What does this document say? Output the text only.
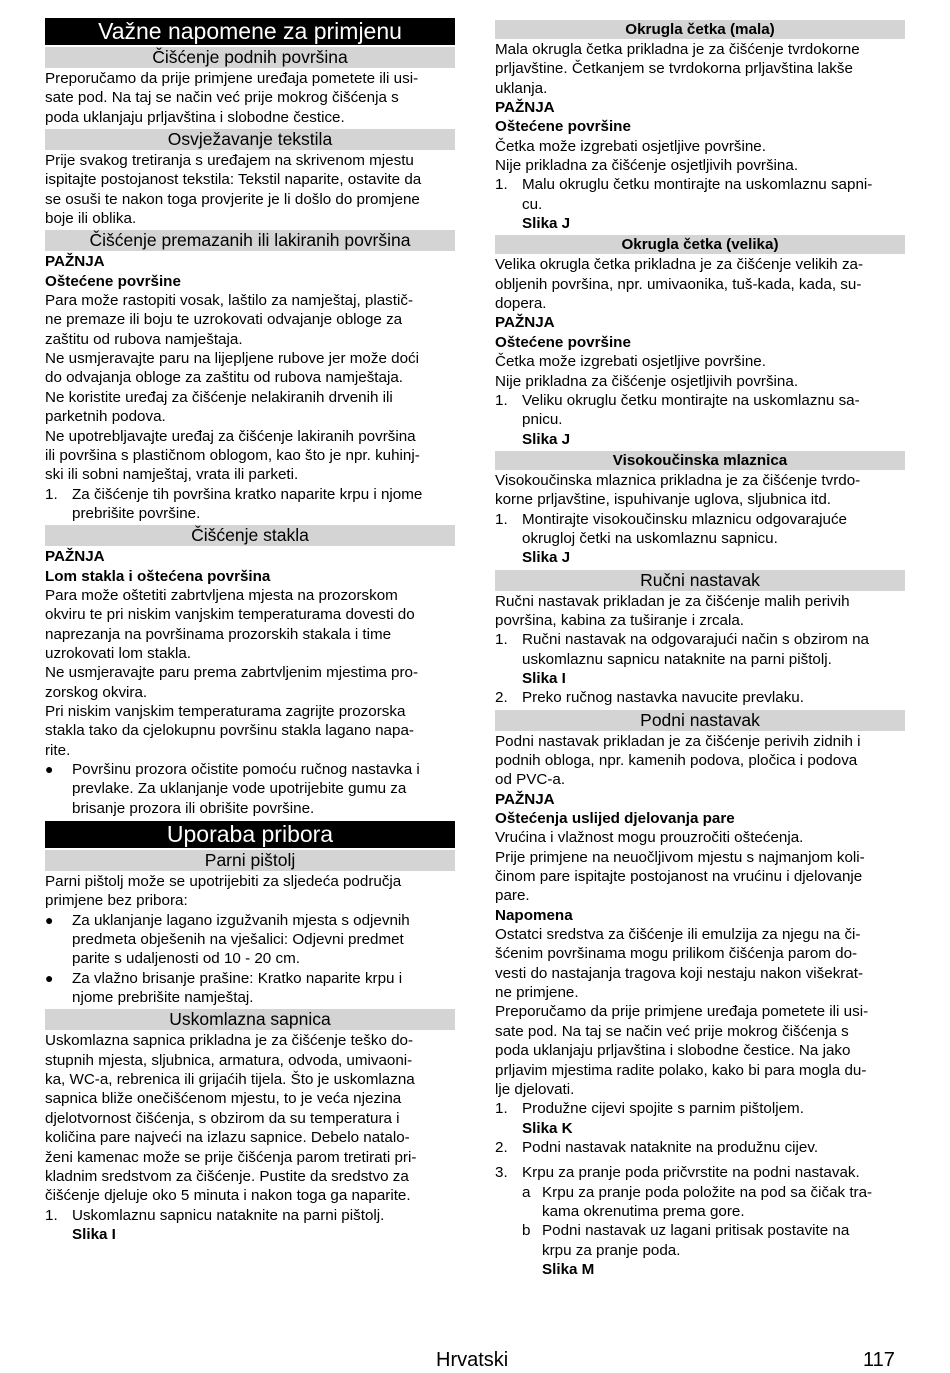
Važne napomene za primjenu
Čišćenje podnih površina

Preporučamo da prije primjene uređaja pometete ili usi-

sate pod. Na taj se način već prije mokrog čišćenja s

poda uklanjaju prljavština i slobodne čestice.

Osvježavanje tekstila

Prije svakog tretiranja s uređajem na skrivenom mjestu

ispitajte postojanost tekstila: Tekstil naparite, ostavite da

se osuši te nakon toga provjerite je li došlo do promjene

boje ili oblika.

Čišćenje premazanih ili lakiranih površina

PAŽNJA

Oštećene površine

Para može rastopiti vosak, laštilo za namještaj, plastič-

ne premaze ili boju te uzrokovati odvajanje obloge za

zaštitu od rubova namještaja.

Ne usmjeravajte paru na lijepljene rubove jer može doći

do odvajanja obloge za zaštitu od rubova namještaja.

Ne koristite uređaj za čišćenje nelakiranih drvenih ili

parketnih podova.

Ne upotrebljavajte uređaj za čišćenje lakiranih površina

ili površina s plastičnom oblogom, kao što je npr. kuhinj-

ski ili sobni namještaj, vrata ili parketi.

1. Za čišćenje tih površina kratko naparite krpu i njome
prebrišite površine.
Čišćenje stakla

PAŽNJA

Lom stakla i oštećena površina

Para može oštetiti zabrtvljena mjesta na prozorskom

okviru te pri niskim vanjskim temperaturama dovesti do

naprezanja na površinama prozorskih stakala i time

uzrokovati lom stakla.

Ne usmjeravajte paru prema zabrtvljenim mjestima pro-

zorskog okvira.

Pri niskim vanjskim temperaturama zagrijte prozorska

stakla tako da cjelokupnu površinu stakla lagano napa-

rite.

● Površinu prozora očistite pomoću ručnog nastavka i
prevlake. Za uklanjanje vode upotrijebite gumu za
brisanje prozora ili obrišite površine.
Uporaba pribora
Parni pištolj

Parni pištolj može se upotrijebiti za sljedeća područja

primjene bez pribora:

● Za uklanjanje lagano izgužvanih mjesta s odjevnih
predmeta obješenih na vješalici: Odjevni predmet
parite s udaljenosti od 10 - 20 cm.
● Za vlažno brisanje prašine: Kratko naparite krpu i
njome prebrišite namještaj.
Uskomlazna sapnica

Uskomlazna sapnica prikladna je za čišćenje teško do-

stupnih mjesta, sljubnica, armatura, odvoda, umivaoni-

ka, WC-a, rebrenica ili grijaćih tijela. Što je uskomlazna

sapnica bliže onečišćenom mjestu, to je veća njezina

djelotvornost čišćenja, s obzirom da su temperatura i

količina pare najveći na izlazu sapnice. Debelo natalo-

ženi kamenac može se prije čišćenja parom tretirati pri-

kladnim sredstvom za čišćenje. Pustite da sredstvo za

čišćenje djeluje oko 5 minuta i nakon toga ga naparite.

1. Uskomlaznu sapnicu nataknite na parni pištolj.
Slika I
Okrugla četka (mala)

Mala okrugla četka prikladna je za čišćenje tvrdokorne

prljavštine. Četkanjem se tvrdokorna prljavština lakše

uklanja.

PAŽNJA

Oštećene površine

Četka može izgrebati osjetljive površine.

Nije prikladna za čišćenje osjetljivih površina.

1. Malu okruglu četku montirajte na uskomlaznu sapni-
cu.
Slika J
Okrugla četka (velika)

Velika okrugla četka prikladna je za čišćenje velikih za-

obljenih površina, npr. umivaonika, tuš-kada, kada, su-

dopera.

PAŽNJA

Oštećene površine

Četka može izgrebati osjetljive površine.

Nije prikladna za čišćenje osjetljivih površina.

1. Veliku okruglu četku montirajte na uskomlaznu sa-
pnicu.
Slika J
Visokoučinska mlaznica

Visokoučinska mlaznica prikladna je za čišćenje tvrdo-

korne prljavštine, ispuhivanje uglova, sljubnica itd.

1. Montirajte visokoučinsku mlaznicu odgovarajuće
okrugloj četki na uskomlaznu sapnicu.
Slika J
Ručni nastavak

Ručni nastavak prikladan je za čišćenje malih perivih

površina, kabina za tuširanje i zrcala.

1. Ručni nastavak na odgovarajući način s obzirom na
uskomlaznu sapnicu nataknite na parni pištolj.
Slika I
2. Preko ručnog nastavka navucite prevlaku.
Podni nastavak

Podni nastavak prikladan je za čišćenje perivih zidnih i

podnih obloga, npr. kamenih podova, pločica i podova

od PVC-a.

PAŽNJA

Oštećenja uslijed djelovanja pare

Vrućina i vlažnost mogu prouzročiti oštećenja.

Prije primjene na neuočljivom mjestu s najmanjom koli-

činom pare ispitajte postojanost na vrućinu i djelovanje

pare.

Napomena

Ostatci sredstva za čišćenje ili emulzija za njegu na či-

šćenim površinama mogu prilikom čišćenja parom do-

vesti do nastajanja tragova koji nestaju nakon višekrat-

ne primjene.

Preporučamo da prije primjene uređaja pometete ili usi-

sate pod. Na taj se način već prije mokrog čišćenja s

poda uklanjaju prljavština i slobodne čestice. Na jako

prljavim mjestima radite polako, kako bi para mogla du-

lje djelovati.

1. Produžne cijevi spojite s parnim pištoljem.
Slika K
2. Podni nastavak nataknite na produžnu cijev.
3. Krpu za pranje poda pričvrstite na podni nastavak.
a Krpu za pranje poda položite na pod sa čičak tra-
kama okrenutima prema gore.
b Podni nastavak uz lagani pritisak postavite na
krpu za pranje poda.
Slika M
Hrvatski	117
